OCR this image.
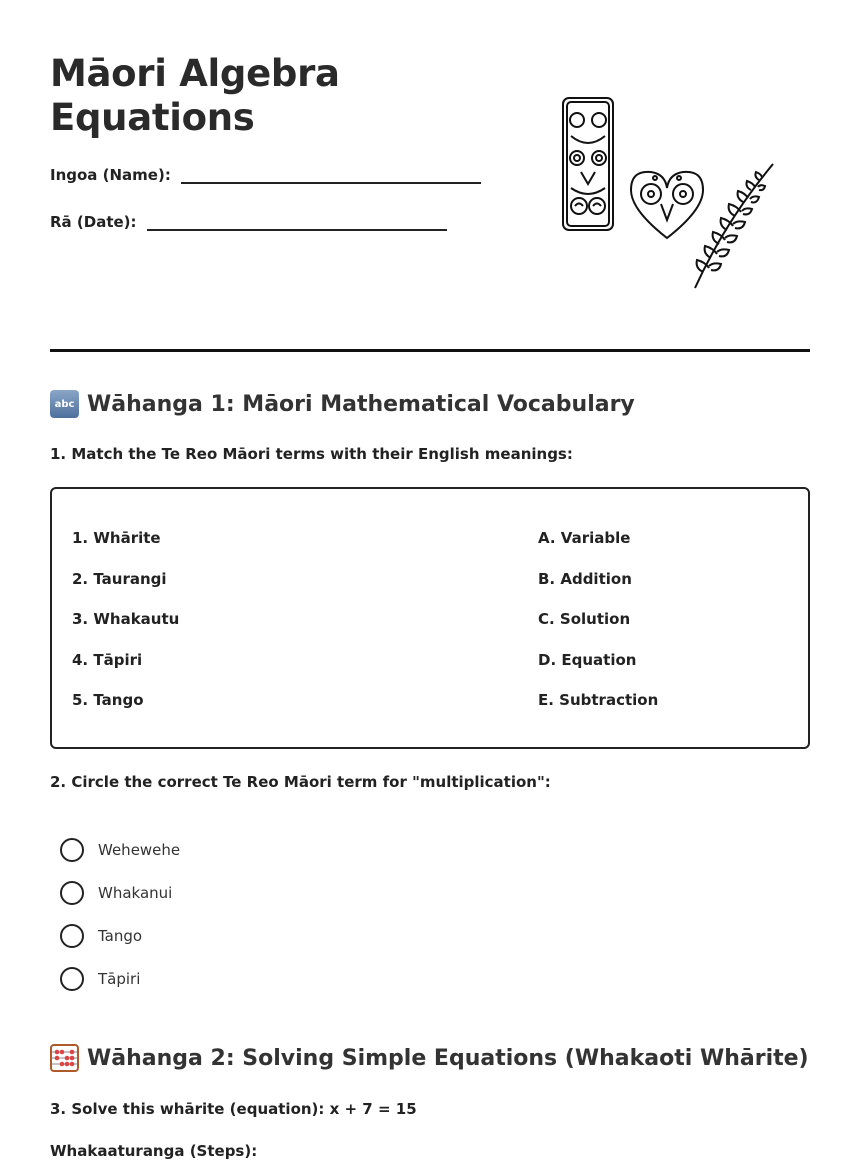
Māori Algebra
Equations
Ingoa (Name):
Rā (Date):
abc Wāhanga 1: Māori Mathematical Vocabulary
1. Match the Te Reo Māori terms with their English meanings:
1. Whārite
2. Taurangi
3. Whakautu
4. Tāpiri
5. Tango
A. Variable
B. Addition
C. Solution
D. Equation
E. Subtraction
2. Circle the correct Te Reo Māori term for "multiplication":
Wehewehe
Whakanui
Tango
Tāpiri
Wāhanga 2: Solving Simple Equations (Whakaoti Whārite)
3. Solve this whārite (equation): x + 7 = 15
Whakaaturanga (Steps):
